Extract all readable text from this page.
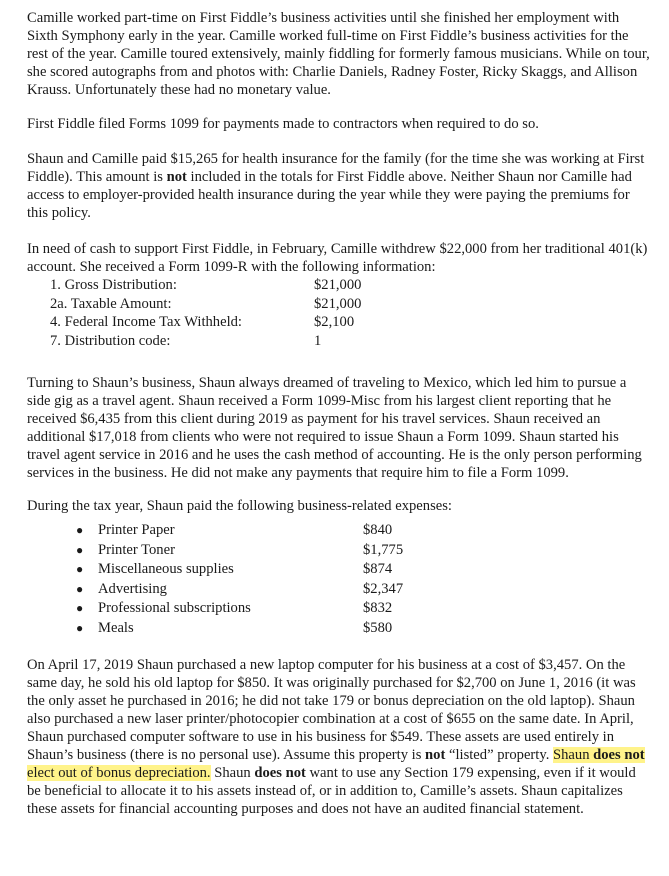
Camille worked part-time on First Fiddle’s business activities until she finished her employment with Sixth Symphony early in the year. Camille worked full-time on First Fiddle’s business activities for the rest of the year. Camille toured extensively, mainly fiddling for formerly famous musicians. While on tour, she scored autographs from and photos with: Charlie Daniels, Radney Foster, Ricky Skaggs, and Allison Krauss. Unfortunately these had no monetary value.

First Fiddle filed Forms 1099 for payments made to contractors when required to do so.

Shaun and Camille paid $15,265 for health insurance for the family (for the time she was working at First Fiddle). This amount is not included in the totals for First Fiddle above. Neither Shaun nor Camille had access to employer-provided health insurance during the year while they were paying the premiums for this policy.

In need of cash to support First Fiddle, in February, Camille withdrew $22,000 from her traditional 401(k) account. She received a Form 1099-R with the following information:

1. Gross Distribution:	$21,000
2a. Taxable Amount:	$21,000
4. Federal Income Tax Withheld:	$2,100
7. Distribution code:	1

Turning to Shaun’s business, Shaun always dreamed of traveling to Mexico, which led him to pursue a side gig as a travel agent. Shaun received a Form 1099-Misc from his largest client reporting that he received $6,435 from this client during 2019 as payment for his travel services. Shaun received an additional $17,018 from clients who were not required to issue Shaun a Form 1099. Shaun started his travel agent service in 2016 and he uses the cash method of accounting. He is the only person performing services in the business. He did not make any payments that require him to file a Form 1099.

During the tax year, Shaun paid the following business-related expenses:

●	Printer Paper	$840
●	Printer Toner	$1,775
●	Miscellaneous supplies	$874
●	Advertising	$2,347
●	Professional subscriptions	$832
●	Meals	$580

On April 17, 2019 Shaun purchased a new laptop computer for his business at a cost of $3,457. On the same day, he sold his old laptop for $850. It was originally purchased for $2,700 on June 1, 2016 (it was the only asset he purchased in 2016; he did not take 179 or bonus depreciation on the old laptop). Shaun also purchased a new laser printer/photocopier combination at a cost of $655 on the same date. In April, Shaun purchased computer software to use in his business for $549. These assets are used entirely in Shaun’s business (there is no personal use). Assume this property is not “listed” property. Shaun does not elect out of bonus depreciation. Shaun does not want to use any Section 179 expensing, even if it would be beneficial to allocate it to his assets instead of, or in addition to, Camille’s assets. Shaun capitalizes these assets for financial accounting purposes and does not have an audited financial statement.
